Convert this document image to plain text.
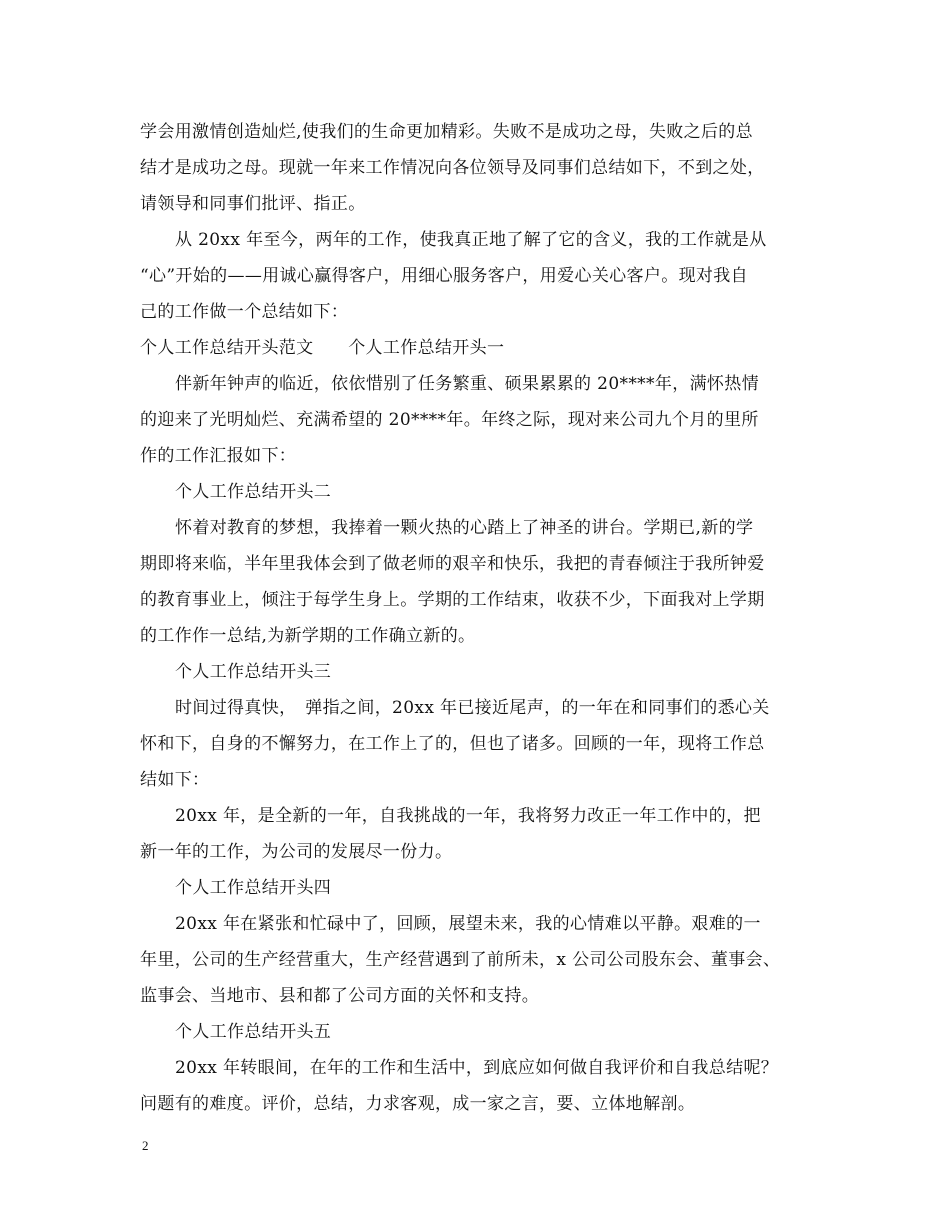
学会用激情创造灿烂,使我们的生命更加精彩。失败不是成功之母，失败之后的总
结才是成功之母。现就一年来工作情况向各位领导及同事们总结如下，不到之处，
请领导和同事们批评、指正。
从 20xx 年至今，两年的工作，使我真正地了解了它的含义，我的工作就是从
“心”开始的——用诚心赢得客户，用细心服务客户，用爱心关心客户。现对我自
己的工作做一个总结如下：
个人工作总结开头范文　　个人工作总结开头一
伴新年钟声的临近，依依惜别了任务繁重、硕果累累的 20****年，满怀热情
的迎来了光明灿烂、充满希望的 20****年。年终之际，现对来公司九个月的里所
作的工作汇报如下：
个人工作总结开头二
怀着对教育的梦想，我捧着一颗火热的心踏上了神圣的讲台。学期已,新的学
期即将来临，半年里我体会到了做老师的艰辛和快乐，我把的青春倾注于我所钟爱
的教育事业上，倾注于每学生身上。学期的工作结束，收获不少，下面我对上学期
的工作作一总结,为新学期的工作确立新的。
个人工作总结开头三
时间过得真快，　弹指之间，20xx 年已接近尾声，的一年在和同事们的悉心关
怀和下，自身的不懈努力，在工作上了的，但也了诸多。回顾的一年，现将工作总
结如下：
20xx 年，是全新的一年，自我挑战的一年，我将努力改正一年工作中的，把
新一年的工作，为公司的发展尽一份力。
个人工作总结开头四
20xx 年在紧张和忙碌中了，回顾，展望未来，我的心情难以平静。艰难的一
年里，公司的生产经营重大，生产经营遇到了前所未，x 公司公司股东会、董事会、
监事会、当地市、县和都了公司方面的关怀和支持。
个人工作总结开头五
20xx 年转眼间，在年的工作和生活中，到底应如何做自我评价和自我总结呢？
问题有的难度。评价，总结，力求客观，成一家之言，要、立体地解剖。
2
